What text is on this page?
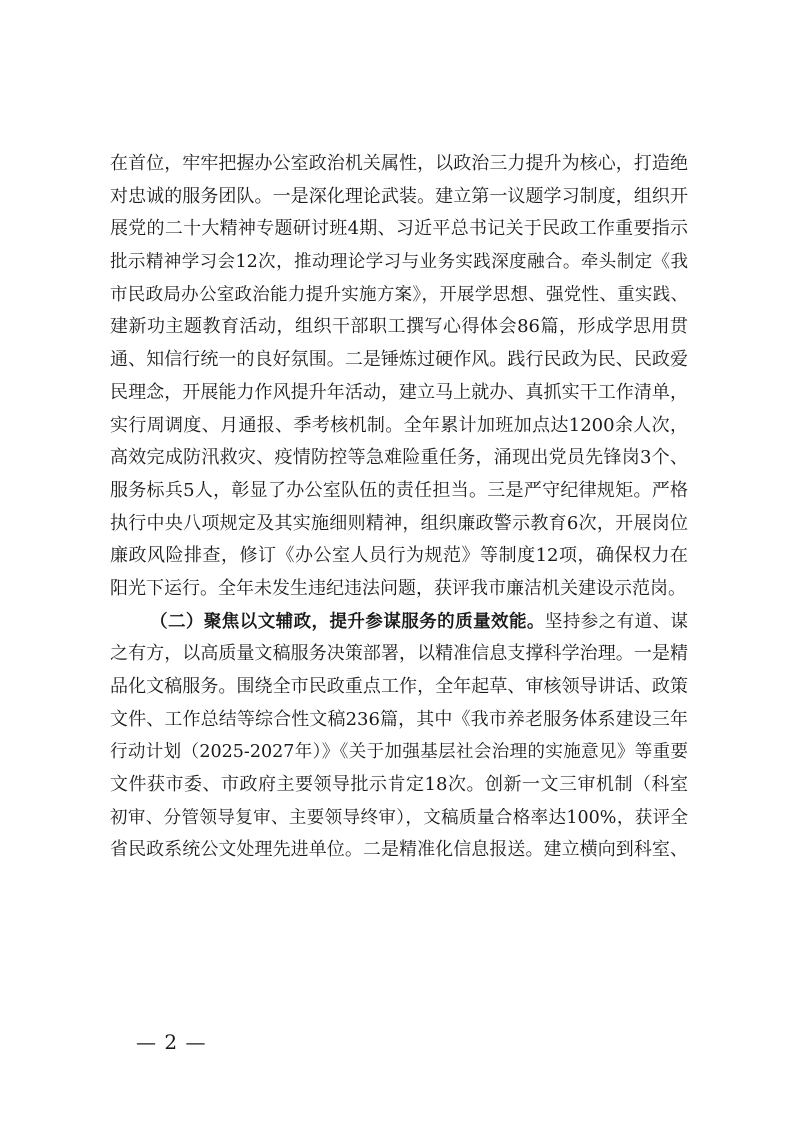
在首位，牢牢把握办公室政治机关属性，以政治三力提升为核心，打造绝
对忠诚的服务团队。一是深化理论武装。建立第一议题学习制度，组织开
展党的二十大精神专题研讨班4期、习近平总书记关于民政工作重要指示
批示精神学习会12次，推动理论学习与业务实践深度融合。牵头制定《我
市民政局办公室政治能力提升实施方案》，开展学思想、强党性、重实践、
建新功主题教育活动，组织干部职工撰写心得体会86篇，形成学思用贯
通、知信行统一的良好氛围。二是锤炼过硬作风。践行民政为民、民政爱
民理念，开展能力作风提升年活动，建立马上就办、真抓实干工作清单，
实行周调度、月通报、季考核机制。全年累计加班加点达1200余人次，
高效完成防汛救灾、疫情防控等急难险重任务，涌现出党员先锋岗3个、
服务标兵5人，彰显了办公室队伍的责任担当。三是严守纪律规矩。严格
执行中央八项规定及其实施细则精神，组织廉政警示教育6次，开展岗位
廉政风险排查，修订《办公室人员行为规范》等制度12项，确保权力在
阳光下运行。全年未发生违纪违法问题，获评我市廉洁机关建设示范岗。
（二）聚焦以文辅政，提升参谋服务的质量效能。坚持参之有道、谋
之有方，以高质量文稿服务决策部署，以精准信息支撑科学治理。一是精
品化文稿服务。围绕全市民政重点工作，全年起草、审核领导讲话、政策
文件、工作总结等综合性文稿236篇，其中《我市养老服务体系建设三年
行动计划（2025-2027年）》《关于加强基层社会治理的实施意见》等重要
文件获市委、市政府主要领导批示肯定18次。创新一文三审机制（科室
初审、分管领导复审、主要领导终审），文稿质量合格率达100%，获评全
省民政系统公文处理先进单位。二是精准化信息报送。建立横向到科室、
— 2 —
